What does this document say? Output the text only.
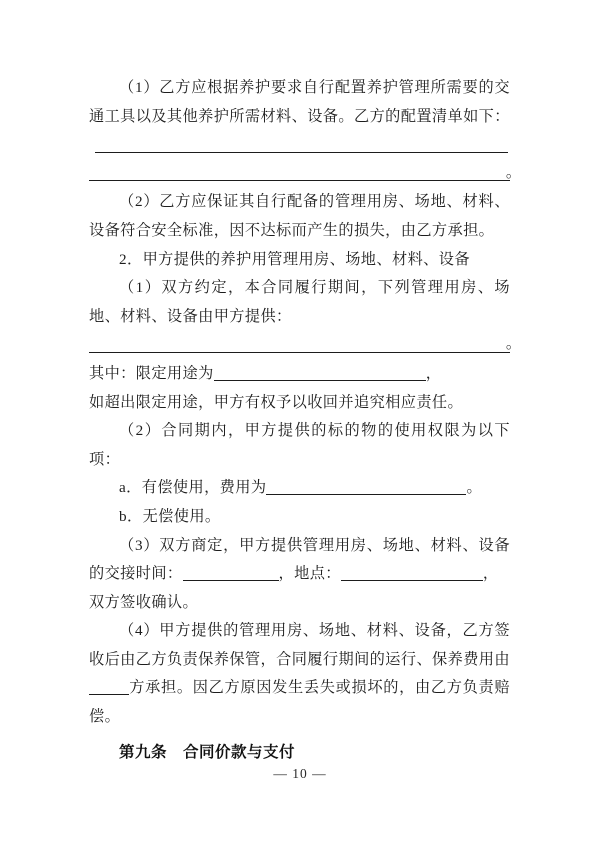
（1）乙方应根据养护要求自行配置养护管理所需要的交通工具以及其他养护所需材料、设备。乙方的配置清单如下：

。

（2）乙方应保证其自行配备的管理用房、场地、材料、设备符合安全标准，因不达标而产生的损失，由乙方承担。

2．甲方提供的养护用管理用房、场地、材料、设备

（1）双方约定，本合同履行期间，下列管理用房、场地、材料、设备由甲方提供：

。

其中：限定用途为	，

如超出限定用途，甲方有权予以收回并追究相应责任。

（2）合同期内，甲方提供的标的物的使用权限为以下项：

a．有偿使用，费用为	。

b．无偿使用。

（3）双方商定，甲方提供管理用房、场地、材料、设备的交接时间：	，地点：	，

双方签收确认。

（4）甲方提供的管理用房、场地、材料、设备，乙方签收后由乙方负责保养保管，合同履行期间的运行、保养费用由方承担。因乙方原因发生丢失或损坏的，由乙方负责赔偿。

第九条 合同价款与支付

— 10 —
